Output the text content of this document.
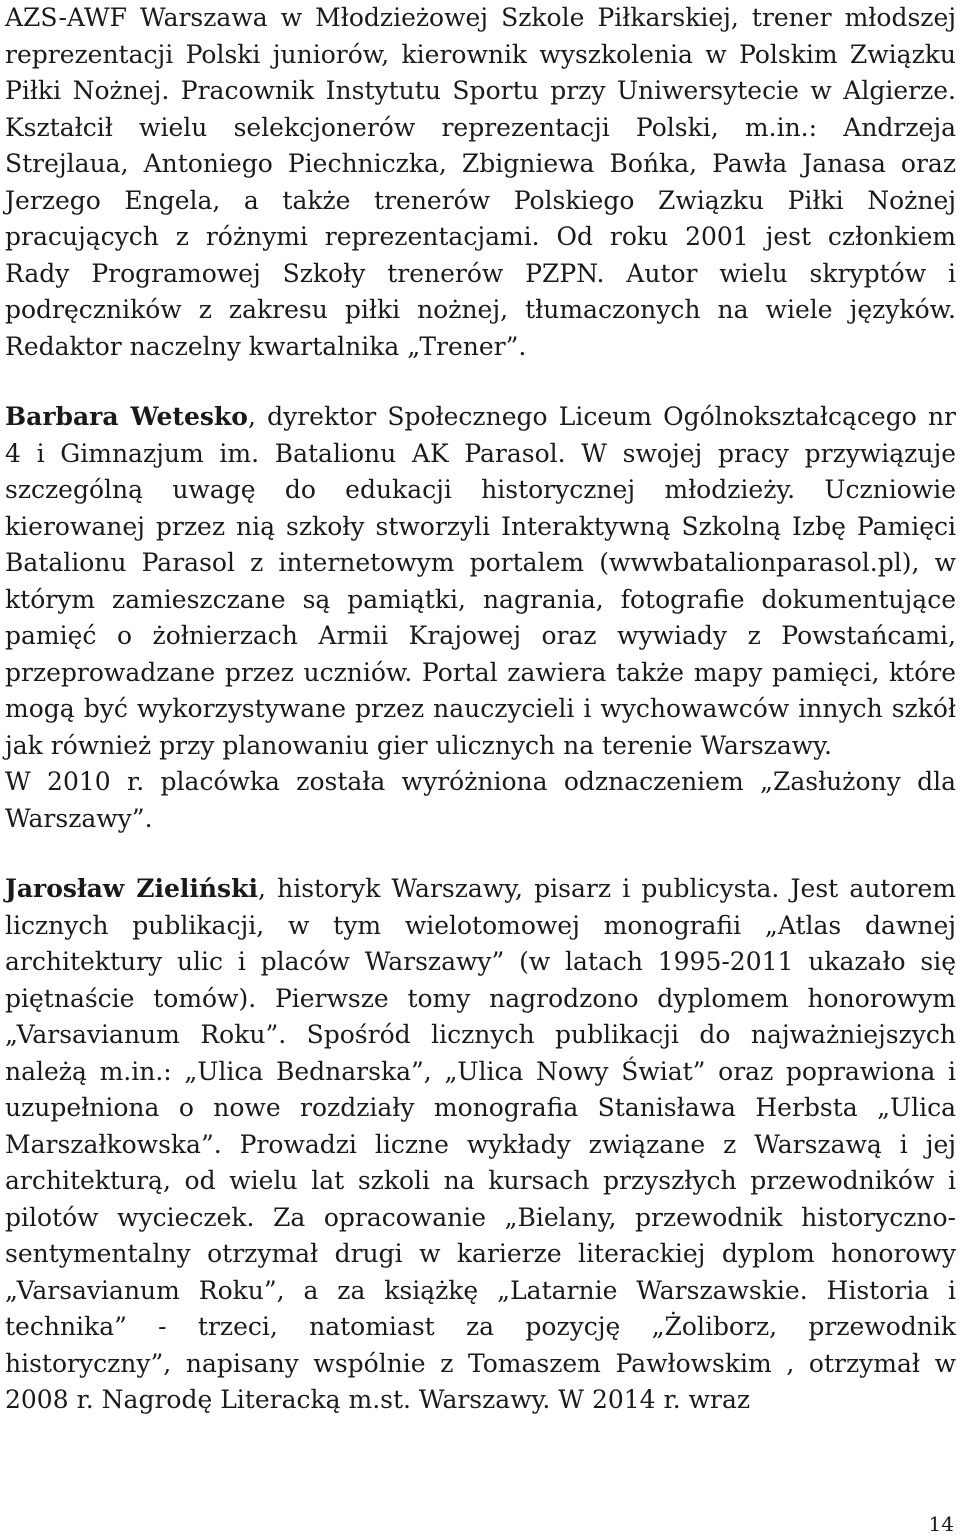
AZS-AWF Warszawa w Młodzieżowej Szkole Piłkarskiej, trener młodszej reprezentacji Polski juniorów, kierownik wyszkolenia w Polskim Związku Piłki Nożnej. Pracownik Instytutu Sportu przy Uniwersytecie w Algierze. Kształcił wielu selekcjonerów reprezentacji Polski, m.in.: Andrzeja Strejlaua, Antoniego Piechniczka, Zbigniewa Bońka, Pawła Janasa oraz Jerzego Engela, a także trenerów Polskiego Związku Piłki Nożnej pracujących z różnymi reprezentacjami. Od roku 2001 jest członkiem Rady Programowej Szkoły trenerów PZPN. Autor wielu skryptów i podręczników z zakresu piłki nożnej, tłumaczonych na wiele języków. Redaktor naczelny kwartalnika „Trener”.

Barbara Wetesko, dyrektor Społecznego Liceum Ogólnokształcącego nr 4 i Gimnazjum im. Batalionu AK Parasol. W swojej pracy przywiązuje szczególną uwagę do edukacji historycznej młodzieży. Uczniowie kierowanej przez nią szkoły stworzyli Interaktywną Szkolną Izbę Pamięci Batalionu Parasol z internetowym portalem (wwwbatalionparasol.pl), w którym zamieszczane są pamiątki, nagrania, fotografie dokumentujące pamięć o żołnierzach Armii Krajowej oraz wywiady z Powstańcami, przeprowadzane przez uczniów. Portal zawiera także mapy pamięci, które mogą być wykorzystywane przez nauczycieli i wychowawców innych szkół jak również przy planowaniu gier ulicznych na terenie Warszawy.

W 2010 r. placówka została wyróżniona odznaczeniem „Zasłużony dla Warszawy”.

Jarosław Zieliński, historyk Warszawy, pisarz i publicysta. Jest autorem licznych publikacji, w tym wielotomowej monografii „Atlas dawnej architektury ulic i placów Warszawy” (w latach 1995-2011 ukazało się piętnaście tomów). Pierwsze tomy nagrodzono dyplomem honorowym „Varsavianum Roku”. Spośród licznych publikacji do najważniejszych należą m.in.: „Ulica Bednarska”, „Ulica Nowy Świat” oraz poprawiona i uzupełniona o nowe rozdziały monografia Stanisława Herbsta „Ulica Marszałkowska”. Prowadzi liczne wykłady związane z Warszawą i jej architekturą, od wielu lat szkoli na kursach przyszłych przewodników i pilotów wycieczek. Za opracowanie „Bielany, przewodnik historyczno-sentymentalny otrzymał drugi w karierze literackiej dyplom honorowy „Varsavianum Roku”, a za książkę „Latarnie Warszawskie. Historia i technika” - trzeci, natomiast za pozycję „Żoliborz, przewodnik historyczny”, napisany wspólnie z Tomaszem Pawłowskim , otrzymał w 2008 r. Nagrodę Literacką m.st. Warszawy. W 2014 r. wraz

14
